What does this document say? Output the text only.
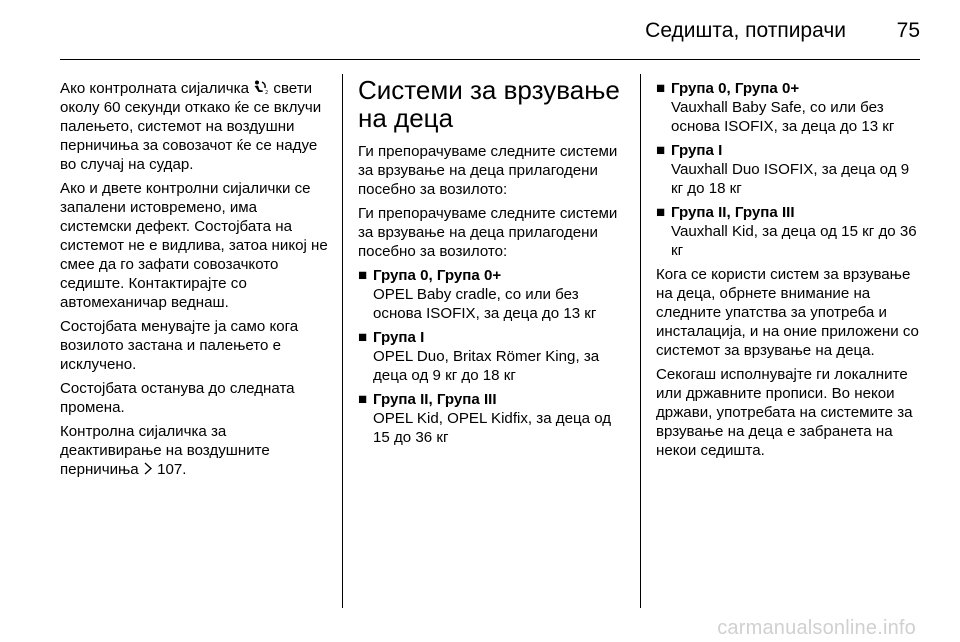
Седишта, потпирачи 75

Ако контролната сијаличка	2 свети околу 60 секунди откако ќе се вклучи палењето, системот на воздушни перничиња за совозачот ќе се надуе во случај на судар.

Ако и двете контролни сијалички се запалени истовремено, има системски дефект. Состојбата на системот не е видлива, затоа никој не смее да го зафати совозачкото седиште. Контактирајте со автомеханичар веднаш.

Состојбата менувајте ја само кога возилото застана и палењето е исклучено.

Состојбата останува до следната промена.

Контролна сијаличка за деактивирање на воздушните перничиња 107.

Системи за врзување на деца

Ги препорачуваме следните системи за врзување на деца прилагодени посебно за возилото:

Ги препорачуваме следните системи за врзување на деца прилагодени посебно за возилото:

■ Група 0, Група 0+
OPEL Baby cradle, со или без основа ISOFIX, за деца до 13 кг
■ Група I
OPEL Duo, Britax Römer King, за деца од 9 кг до 18 кг
■ Група II, Група III
OPEL Kid, OPEL Kidfix, за деца од 15 до 36 кг
■ Група 0, Група 0+
Vauxhall Baby Safe, со или без основа ISOFIX, за деца до 13 кг
■ Група I
Vauxhall Duo ISOFIX, за деца од 9 кг до 18 кг
■ Група II, Група III
Vauxhall Kid, за деца од 15 кг до 36 кг

Кога се користи систем за врзување на деца, обрнете внимание на следните упатства за употреба и инсталација, и на оние приложени со системот за врзување на деца.

Секогаш исполнувајте ги локалните или државните прописи. Во некои држави, употребата на системите за врзување на деца е забранета на некои седишта.

carmanualsonline.info
